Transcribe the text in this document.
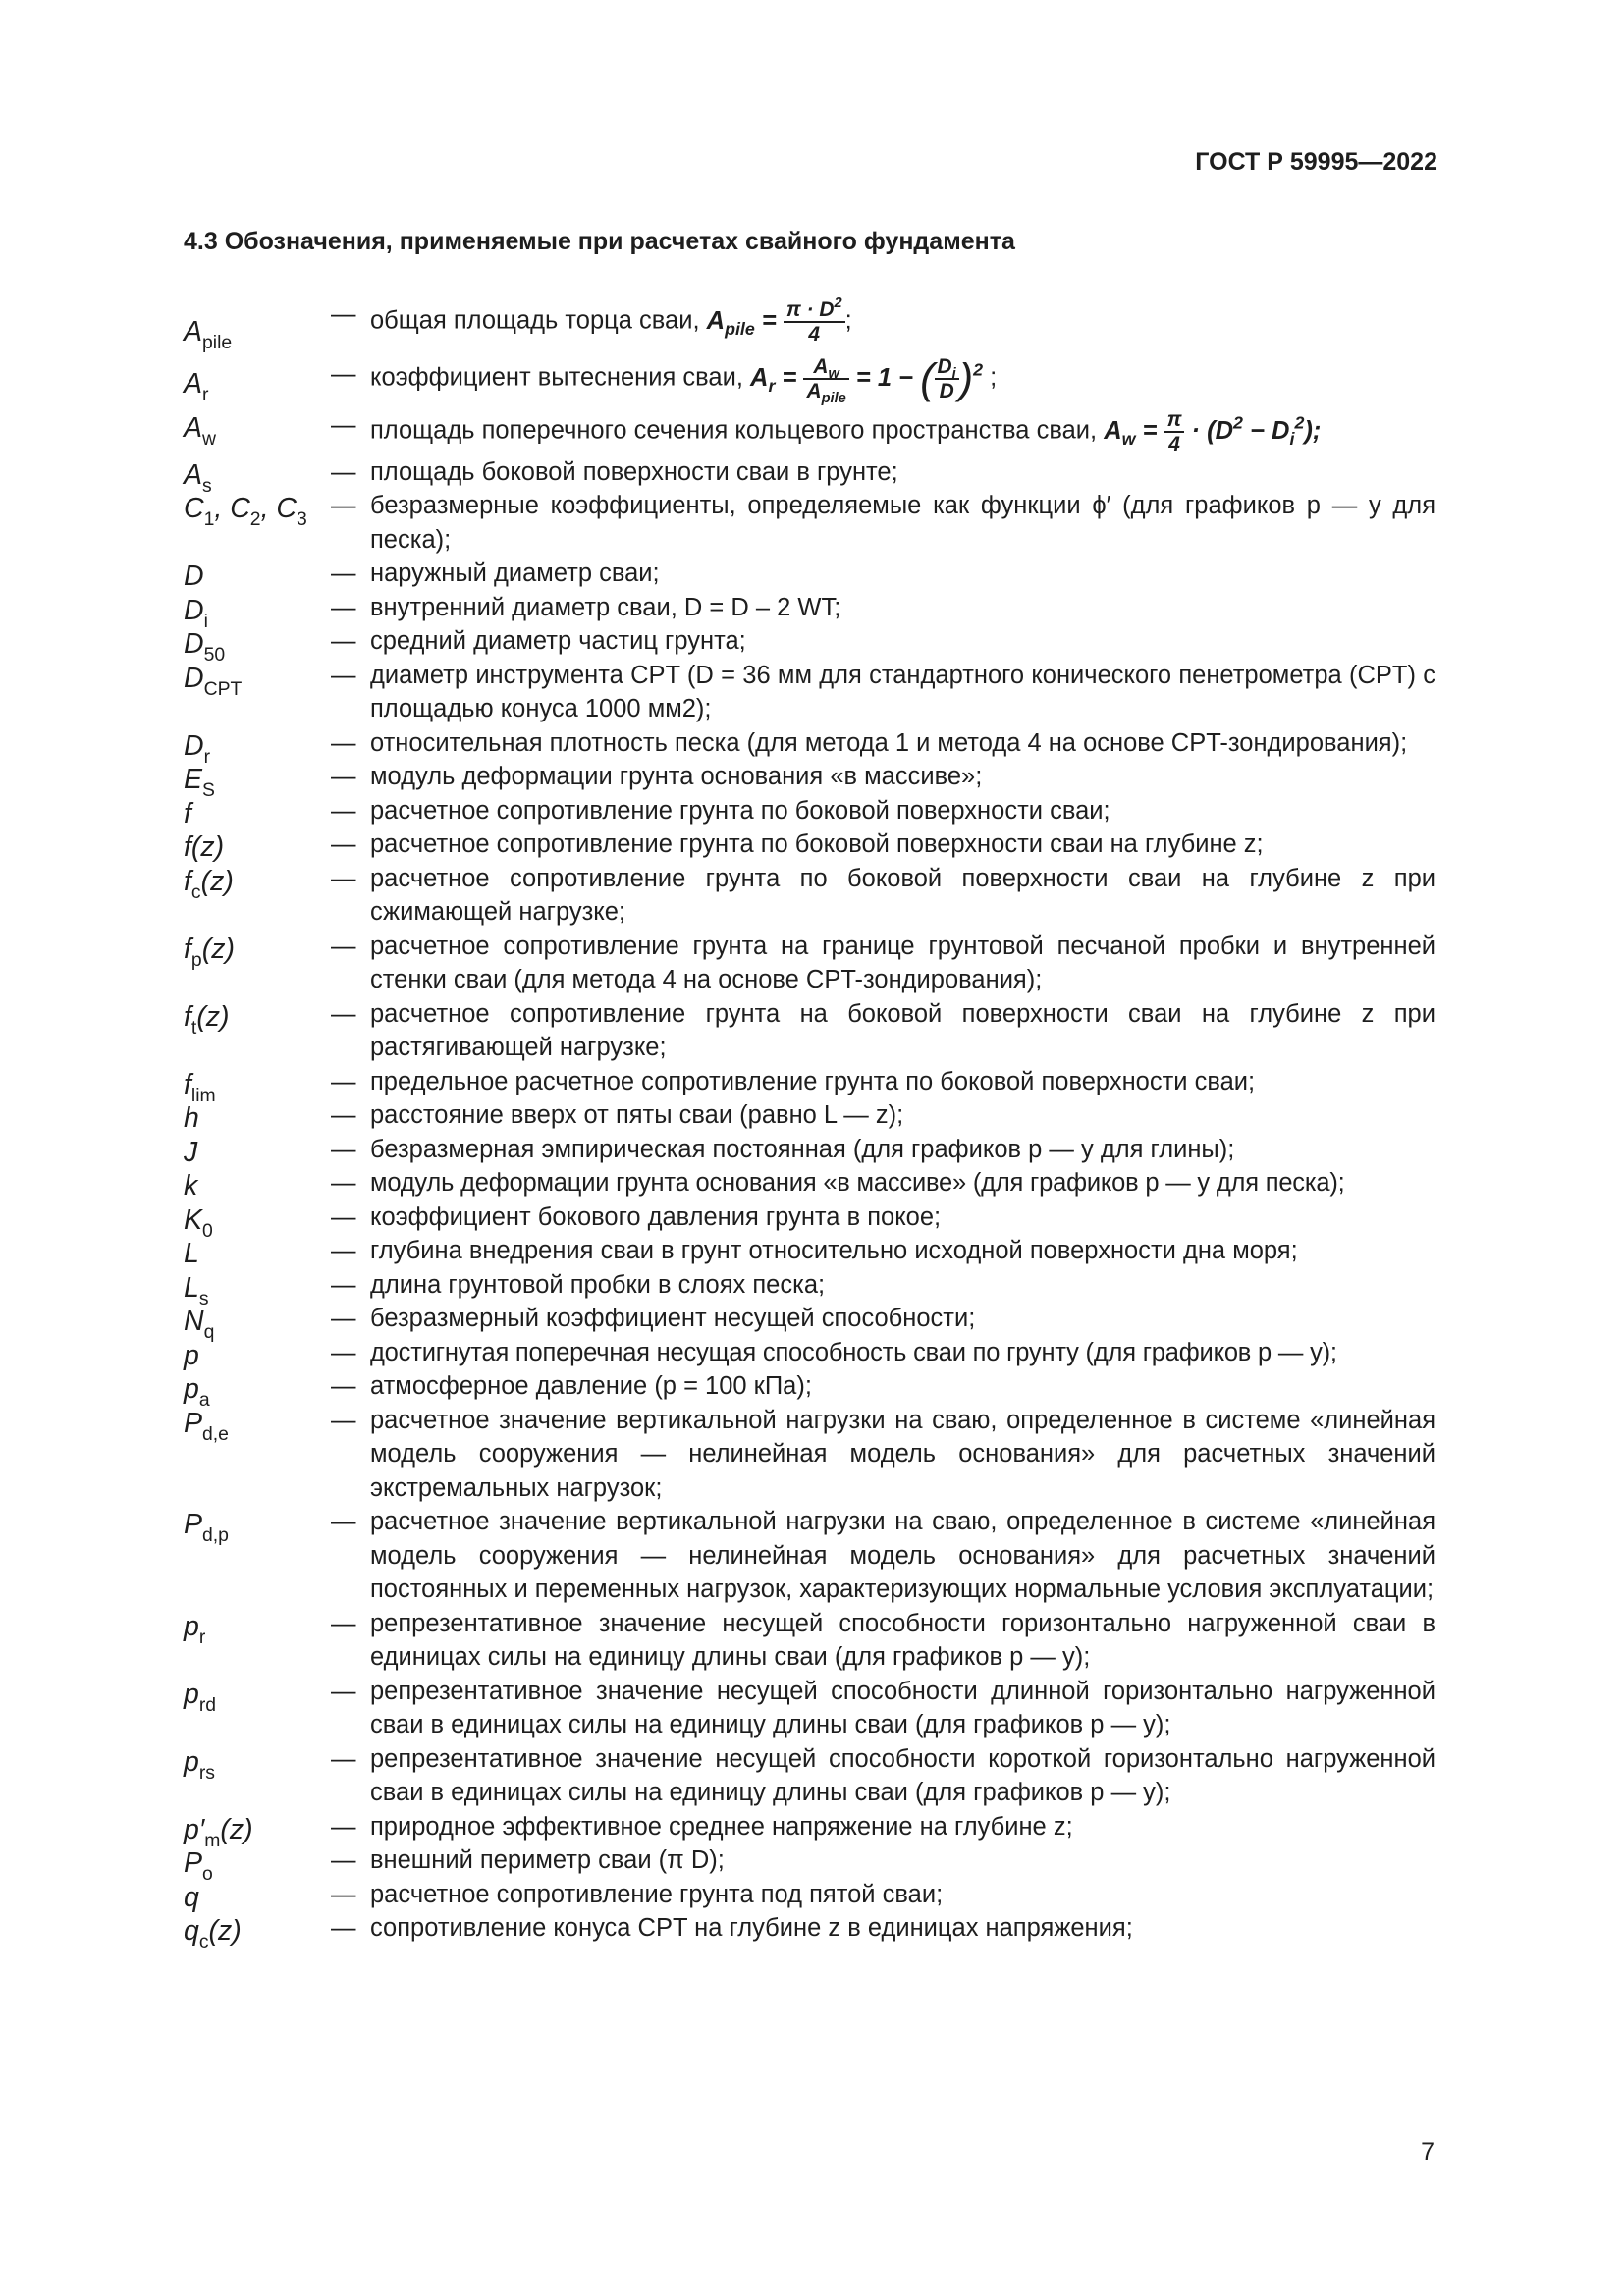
ГОСТ Р 59995—2022
4.3 Обозначения, применяемые при расчетах свайного фундамента
$A_{pile}$
— общая площадь торца сваи, $A_{pile} = \frac{\pi \cdot D^2}{4}$ ;
$A_r$
— коэффициент вытеснения сваи, $A_r = \frac{A_w}{A_{pile}} = 1$ − ( $\frac{D_i}{D} )^2$ ;
$A_w$
— площадь поперечного сечения кольцевого пространства сваи, $A_w = \frac{\pi}{4} \cdot (D^2 - D_i^2)$;
$A_s$
— площадь боковой поверхности сваи в грунте;
$C_1$, $C_2$, $C_3$
— безразмерные коэффициенты, определяемые как функции ϕ′ (для графиков p — y для песка);
D	— наружный диаметр сваи;
$D_i$
— внутренний диаметр сваи, D = D – 2 WT;
$D_{50}$
— средний диаметр частиц грунта;
$D_{CPT}$
— диаметр инструмента CPT (D = 36 мм для стандартного конического пенетрометра (CPT) с площадью конуса 1000 мм2);
$D_r$
— относительная плотность песка (для метода 1 и метода 4 на основе CPT-зондирования);
$E_S$
— модуль деформации грунта основания «в массиве»;
f	— расчетное сопротивление грунта по боковой поверхности сваи;
f(z)	— расчетное сопротивление грунта по боковой поверхности сваи на глубине z;
$f_c(z)$	— расчетное сопротивление грунта по боковой поверхности сваи на глубине z при сжимающей нагрузке;
$f_p(z)$	— расчетное сопротивление грунта на границе грунтовой песчаной пробки и внутренней стенки сваи (для метода 4 на основе CPT-зондирования);
$f_t(z)$	— расчетное сопротивление грунта на боковой поверхности сваи на глубине z при растягивающей нагрузке;
$f_{lim}$
— предельное расчетное сопротивление грунта по боковой поверхности сваи;
h	— расстояние вверх от пяты сваи (равно L — z);
J	— безразмерная эмпирическая постоянная (для графиков p — y для глины);
k	— модуль деформации грунта основания «в массиве» (для графиков p — y для песка);
$K_0$
— коэффициент бокового давления грунта в покое;
L	— глубина внедрения сваи в грунт относительно исходной поверхности дна моря;
$L_s$
— длина грунтовой пробки в слоях песка;
$N_q$
— безразмерный коэффициент несущей способности;
p	— достигнутая поперечная несущая способность сваи по грунту (для графиков p — y);
$p_a$
— атмосферное давление (p = 100 кПа);
$P_{d,e}$
— расчетное значение вертикальной нагрузки на сваю, определенное в системе «линейная модель сооружения — нелинейная модель основания» для расчетных значений экстремальных нагрузок;
$P_{d,p}$
— расчетное значение вертикальной нагрузки на сваю, определенное в системе «линейная модель сооружения — нелинейная модель основания» для расчетных значений постоянных и переменных нагрузок, характеризующих нормальные условия эксплуатации;
$p_r$
— репрезентативное значение несущей способности горизонтально нагруженной сваи в единицах силы на единицу длины сваи (для графиков p — y);
$p_{rd}$
— репрезентативное значение несущей способности длинной горизонтально нагруженной сваи в единицах силы на единицу длины сваи (для графиков p — y);
$p_{rs}$
— репрезентативное значение несущей способности короткой горизонтально нагруженной сваи в единицах силы на единицу длины сваи (для графиков p — y);
$p'_m(z)$	— природное эффективное среднее напряжение на глубине z;
$P_o$
— внешний периметр сваи (π D);
q	— расчетное сопротивление грунта под пятой сваи;
$q_c(z)$	— сопротивление конуса CPT на глубине z в единицах напряжения;
7
